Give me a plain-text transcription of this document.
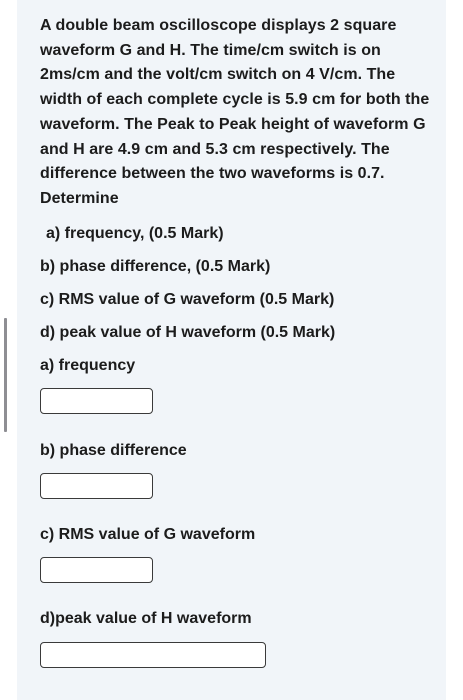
A double beam oscilloscope displays 2 square waveform G and H. The time/cm switch is on 2ms/cm and the volt/cm switch on 4 V/cm. The width of each complete cycle is 5.9 cm for both the waveform. The Peak to Peak height of waveform G and H are 4.9 cm and 5.3 cm respectively. The difference between the two waveforms is 0.7. Determine

a) frequency, (0.5 Mark)
b) phase difference, (0.5 Mark)
c) RMS value of G waveform (0.5 Mark)
d) peak value of H waveform (0.5 Mark)
a) frequency
b) phase difference
c) RMS value of G waveform
d)peak value of H waveform
